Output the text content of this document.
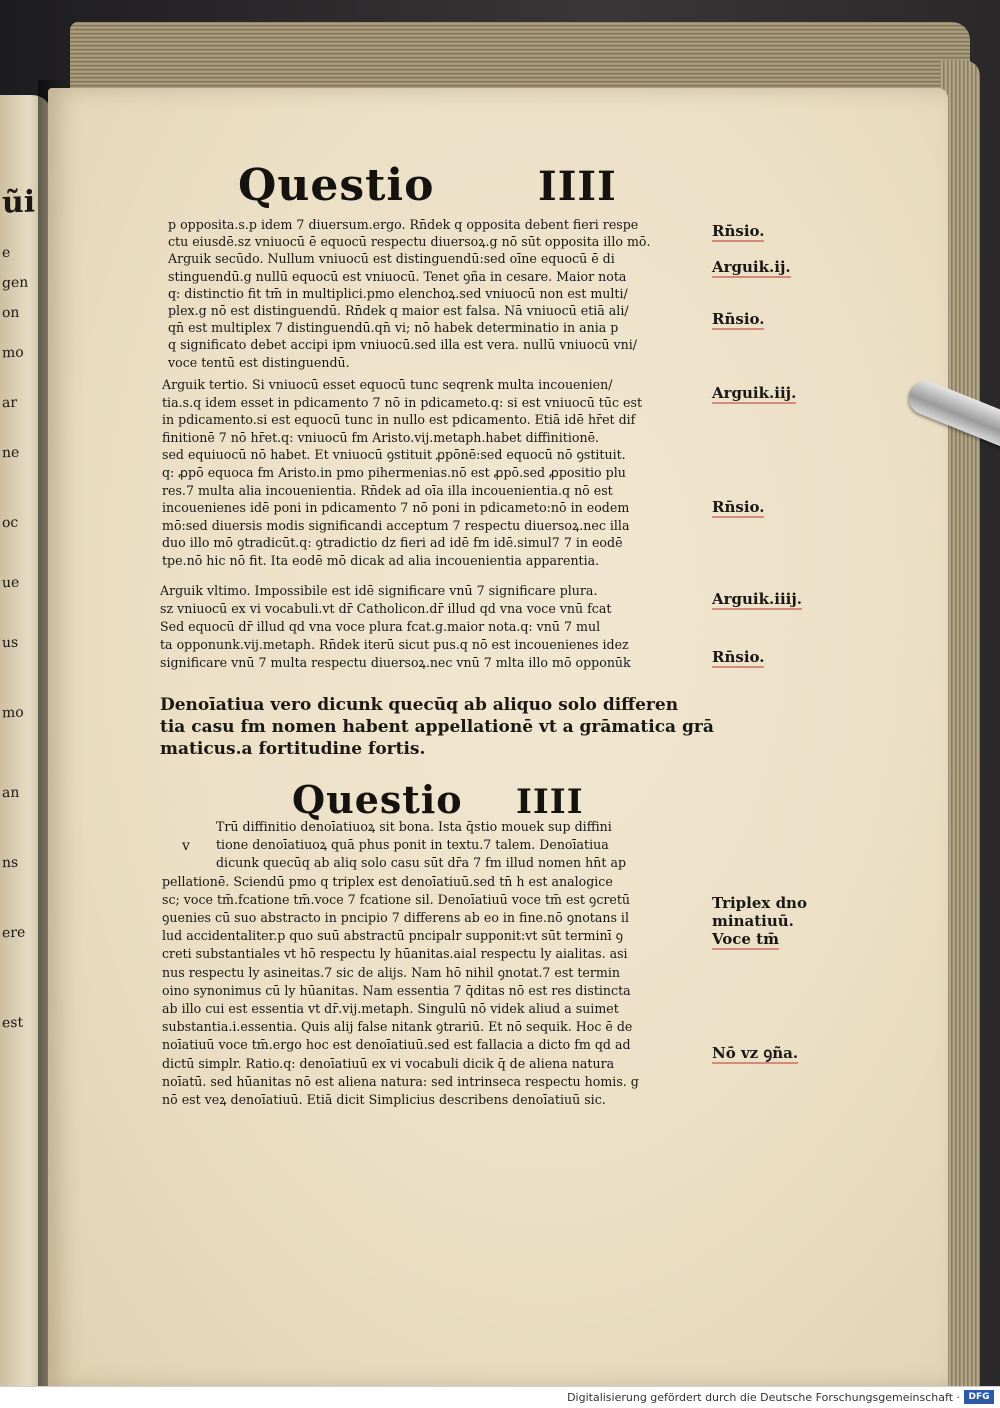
ũi
e
gen
on
mo
ar
ne
oc
ue
us
mo
an
ns
ere
est
Questio	IIII
p opposita.s.p idem 7 diuersum.ergo. Rn̄dek q opposita debent fieri respe
ctu eiusdē.sz vniuocū ē equocū respectu diuersoꝝ.g nō sūt opposita illo mō.
Arguik secūdo. Nullum vniuocū est distinguendū:sed oīne equocū ē di
stinguendū.g nullū equocū est vniuocū. Tenet ꝯña in cesare. Maior nota
q: distinctio fit tm̄ in multiplici.pmo elenchoꝝ.sed vniuocū non est multi/
plex.g nō est distinguendū. Rn̄dek q maior est falsa. Nā vniuocū etiā ali/
qn̄ est multiplex 7 distinguendū.qn̄ vi; nō habek determinatio in ania p
q significato debet accipi ipm vniuocū.sed illa est vera. nullū vniuocū vni/
voce tentū est distinguendū.
Arguik tertio. Si vniuocū esset equocū tunc seqrenk multa incouenien/
tia.s.q idem esset in pdicamento 7 nō in pdicameto.q: si est vniuocū tūc est
in pdicamento.si est equocū tunc in nullo est pdicamento. Etiā idē hr̄et dif
finitionē 7 nō hr̄et.q: vniuocū fm Aristo.vij.metaph.habet diffinitionē.
sed equiuocū nō habet. Et vniuocū ꝯstituit ꝓpōnē:sed equocū nō ꝯstituit.
q: ꝓpō equoca fm Aristo.in pmo pihermenias.nō est ꝓpō.sed ꝓpositio plu
res.7 multa alia incouenientia. Rn̄dek ad oīa illa incouenientia.q nō est
incouenienes idē poni in pdicamento 7 nō poni in pdicameto:nō in eodem
mō:sed diuersis modis significandi acceptum 7 respectu diuersoꝝ.nec illa
duo illo mō ꝯtradicūt.q: ꝯtradictio dz fieri ad idē fm idē.simul7 7 in eodē
tpe.nō hic nō fit. Ita eodē mō dicak ad alia incouenientia apparentia.
Arguik vltimo. Impossibile est idē significare vnū 7 significare plura.
sz vniuocū ex vi vocabuli.vt dr̄ Catholicon.dr̄ illud qd vna voce vnū fcat
Sed equocū dr̄ illud qd vna voce plura fcat.g.maior nota.q: vnū 7 mul
ta opponunk.vij.metaph. Rn̄dek iterū sicut pus.q nō est incouenienes idez
significare vnū 7 multa respectu diuersoꝝ.nec vnū 7 mlta illo mō opponūk
Denoīatiua vero dicunk quecūq ab aliquo solo differen
tia casu fm nomen habent appellationē vt a grāmatica grā
maticus.a fortitudine fortis.
Questio IIII
v
Trū diffinitio denoīatiuoꝝ sit bona. Ista q̄stio mouek sup diffini
tione denoīatiuoꝝ quā phus ponit in textu.7 talem. Denoīatiua
dicunk quecūq ab aliq solo casu sūt dr̄a 7 fm illud nomen hn̄t ap
pellationē. Sciendū pmo q triplex est denoīatiuū.sed tn̄ h est analogice
sc; voce tm̄.fcatione tm̄.voce 7 fcatione sil. Denoīatiuū voce tm̄ est ꝯcretū
ꝯuenies cū suo abstracto in pncipio 7 differens ab eo in fine.nō ꝯnotans il
lud accidentaliter.p quo suū abstractū pncipalr supponit:vt sūt terminī ꝯ
creti substantiales vt hō respectu ly hūanitas.aial respectu ly aialitas. asi
nus respectu ly asineitas.7 sic de alijs. Nam hō nihil ꝯnotat.7 est termin
oino synonimus cū ly hūanitas. Nam essentia 7 q̄ditas nō est res distincta
ab illo cui est essentia vt dr̄.vij.metaph. Singulū nō videk aliud a suimet
substantia.i.essentia. Quis alij false nitank ꝯtrariū. Et nō sequik. Hoc ē de
noīatiuū voce tm̄.ergo hoc est denoīatiuū.sed est fallacia a dicto fm qd ad
dictū simplr. Ratio.q: denoīatiuū ex vi vocabuli dicik q̄ de aliena natura
noīatū. sed hūanitas nō est aliena natura: sed intrinseca respectu homis. g
nō est veꝝ denoīatiuū. Etiā dicit Simplicius describens denoīatiuū sic.
Rn̄sio.
Arguik.ij.
Rn̄sio.
Arguik.iij.
Rn̄sio.
Arguik.iiij.
Rn̄sio.
Triplex dno
minatiuū.
Voce tm̄
Nō vz ꝯña.
Digitalisierung gefördert durch die Deutsche Forschungsgemeinschaft · DFG
